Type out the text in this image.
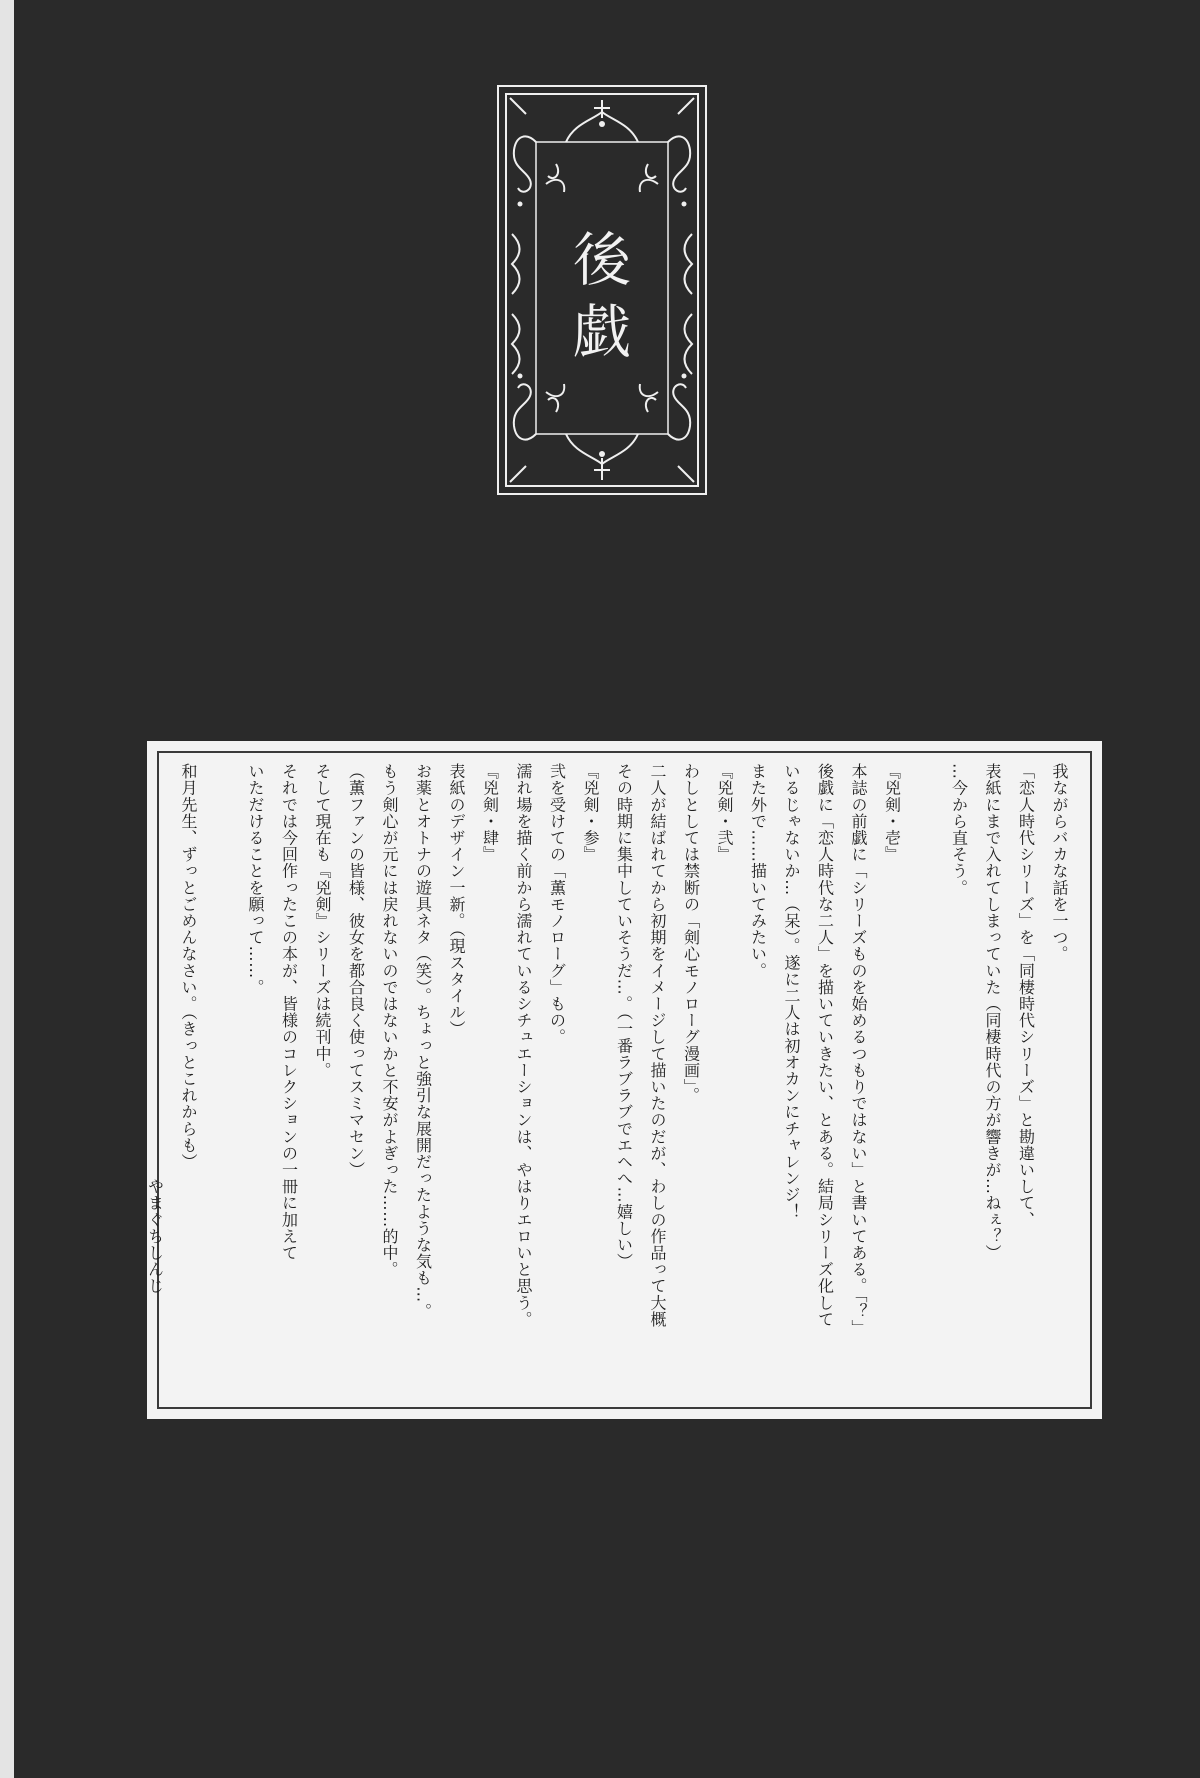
後
戯
我ながらバカな話を一つ。
「恋人時代シリーズ」を「同棲時代シリーズ」と勘違いして、
表紙にまで入れてしまっていた（同棲時代の方が響きが…ねぇ？）
…今から直そう。
『兇剣・壱』
本誌の前戯に「シリーズものを始めるつもりではない」と書いてある。「？」
後戯に「恋人時代な二人」を描いていきたい、とある。結局シリーズ化して
いるじゃないか…（呆）。遂に二人は初オカンにチャレンジ！
また外で……描いてみたい。
『兇剣・弐』
わしとしては禁断の「剣心モノローグ漫画」。
二人が結ばれてから初期をイメージして描いたのだが、わしの作品って大概
その時期に集中していそうだ…。（一番ラブラブでエヘへ…嬉しい）
『兇剣・参』
弐を受けての「薫モノローグ」もの。
濡れ場を描く前から濡れているシチュエーションは、やはりエロいと思う。
『兇剣・肆』
表紙のデザイン一新。（現スタイル）
お薬とオトナの遊具ネタ（笑）。ちょっと強引な展開だったような気も…。
もう剣心が元には戻れないのではないかと不安がよぎった……的中。
（薫ファンの皆様、彼女を都合良く使ってスミマセン）
そして現在も『兇剣』シリーズは続刊中。
それでは今回作ったこの本が、皆様のコレクションの一冊に加えて
いただけることを願って……。
和月先生、ずっとごめんなさい。（きっとこれからも）
やまぐちしんじ
